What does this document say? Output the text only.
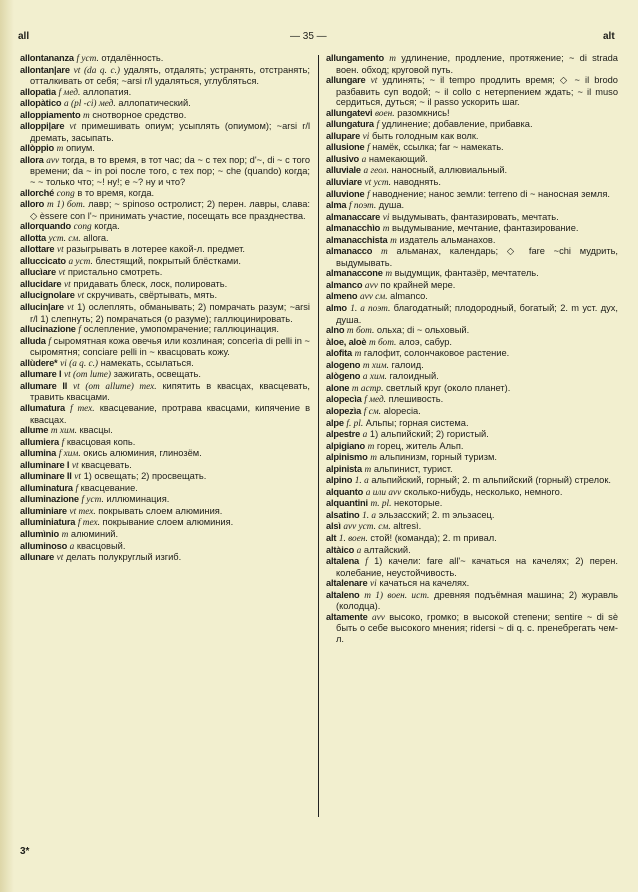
all	— 35 —	alt

allontananza f уст. отдалённость.

allontan|are vt (da q. c.) удалять, отдалять; устранять, отстранять; отталкивать от себя; ~arsi r/l удаляться, углубляться.

allopatìa f мед. аллопатия.

allopàtico a (pl -ci) мед. аллопатический.

alloppiamento m снотворное средство.

alloppi|are vt примешивать опиум; усыплять (опиумом); ~arsi r/l дремать, засыпать.

allòppio m опиум.

allora avv тогда, в то время, в тот час; da ~ с тех пор; d'~, di ~ с того времени; da ~ in poi после того, с тех пор; ~ che (quando) когда; ~ ~ только что; ~! ну!; e ~? ну и что?

allorché cong в то время, когда.

alloro m 1) бот. лавр; ~ spinoso остролист; 2) перен. лавры, слава: ◇ èssere con l'~ принимать участие, посещать все празднества.

allorquando cong когда.

allotta уст. см. allora.

allottare vt разыгрывать в лотерее какой-л. предмет.

alluccicato a уст. блестящий, покрытый блёстками.

allucìare vt пристально смотреть.

allucidare vt придавать блеск, лоск, полировать.

allucignolare vt скручивать, свёртывать, мять.

allucin|are vt 1) ослеплять, обманывать; 2) помрачать разум; ~arsi r/l 1) слепнуть; 2) помрачаться (о разуме); галлюцинировать.

allucinazione f ослепление, умопомрачение; галлюцинация.

alluda f сыромятная кожа овечья или козлиная; concerìa di pelli in ~ сыромятня; conciare pelli in ~ квасцовать кожу.

allùdere* vi (a q. c.) намекать, ссылаться.

allumare I vt (от lume) зажигать, освещать.

allumare II vt (от allume) тех. кипятить в квасцах, квасцевать, травить квасцами.

allumatura f тех. квасцевание, протрава квасцами, кипячение в квасцах.

allume m хим. квасцы.

allumiera f квасцовая копь.

allumina f хим. окись алюминия, глинозём.

alluminare I vt квасцевать.

alluminare II vt 1) освещать; 2) просвещать.

alluminatura f квасцевание.

alluminazione f уст. иллюминация.

alluminiare vt тех. покрывать слоем алюминия.

alluminiatura f тех. покрывание слоем алюминия.

allumìnio m алюминий.

alluminoso a квасцовый.

allunare vt делать полукруглый изгиб.

allungamento m удлинение, продление, протяжение; ~ di strada воен. обход; круговой путь.

allungare vt удлинять; ~ il tempo продлить время; ◇ ~ il brodo разбавить суп водой; ~ il collo с нетерпением ждать; ~ il muso сердиться, дуться; ~ il passo ускорить шаг.

allungatevi воен. разомкнись!

allungatura f удлинение; добавление, прибавка.

allupare vi быть голодным как волк.

allusione f намёк, ссылка; far ~ намекать.

allusivo a намекающий.

alluviale a геол. наносный, аллювиальный.

alluviare vt уст. наводнять.

alluvione f наводнение; нанос земли: terreno di ~ наносная земля.

alma f поэт. душа.

almanaccare vi выдумывать, фантазировать, мечтать.

almanacchìo m выдумывание, мечтание, фантазирование.

almanacchista m издатель альманахов.

almanacco m альманах, календарь; ◇ fare ~chi мудрить, выдумывать.

almanaccone m выдумщик, фантазёр, мечтатель.

almanco avv по крайней мере.

almeno avv см. almanco.

almo 1. a поэт. благодатный; плодородный, богатый; 2. m уст. дух, душа.

alno m бот. ольха; di ~ ольховый.

àloe, aloè m бот. алоэ, сабур.

alofita m галофит, солончаковое растение.

alogeno m хим. галоид.

alògeno a хим. галоидный.

alone m астр. светлый круг (около планет).

alopecìa f мед. плешивость.

alopezìa f см. alopecia.

alpe f. pl. Альпы; горная система.

alpestre a 1) альпийский; 2) гористый.

alpigiano m горец, житель Альп.

alpinismo m альпинизм, горный туризм.

alpinista m альпинист, турист.

alpino 1. a альпийский, горный; 2. m альпийский (горный) стрелок.

alquanto a или avv сколько-нибудь, несколько, немного.

alquantini m. pl. некоторые.

alsatino 1. a эльзасский; 2. m эльзасец.

alsì avv уст. см. altresì.

alt 1. воен. стой! (команда); 2. m привал.

altàico a алтайский.

altalena f 1) качели: fare all'~ качаться на качелях; 2) перен. колебание, неустойчивость.

altalenare vi качаться на качелях.

altaleno m 1) воен. ист. древняя подъёмная машина; 2) журавль (колодца).

altamente avv высоко, громко; в высокой степени; sentire ~ di sè быть о себе высокого мнения; ridersi ~ di q. c. пренебрегать чем-л.

3*
